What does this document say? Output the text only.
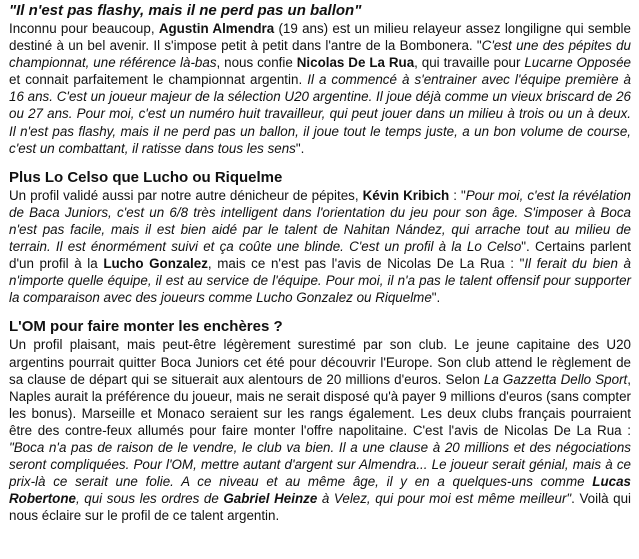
"Il n'est pas flashy, mais il ne perd pas un ballon"

Inconnu pour beaucoup, Agustin Almendra (19 ans) est un milieu relayeur assez longiligne qui semble destiné à un bel avenir. Il s'impose petit à petit dans l'antre de la Bombonera. "C'est une des pépites du championnat, une référence là-bas, nous confie Nicolas De La Rua, qui travaille pour Lucarne Opposée et connait parfaitement le championnat argentin. Il a commencé à s'entrainer avec l'équipe première à 16 ans. C'est un joueur majeur de la sélection U20 argentine. Il joue déjà comme un vieux briscard de 26 ou 27 ans. Pour moi, c'est un numéro huit travailleur, qui peut jouer dans un milieu à trois ou un à deux. Il n'est pas flashy, mais il ne perd pas un ballon, il joue tout le temps juste, a un bon volume de course, c'est un combattant, il ratisse dans tous les sens".

Plus Lo Celso que Lucho ou Riquelme

Un profil validé aussi par notre autre dénicheur de pépites, Kévin Kribich : "Pour moi, c'est la révélation de Baca Juniors, c'est un 6/8 très intelligent dans l'orientation du jeu pour son âge. S'imposer à Boca n'est pas facile, mais il est bien aidé par le talent de Nahitan Nández, qui arrache tout au milieu de terrain. Il est énormément suivi et ça coûte une blinde. C'est un profil à la Lo Celso". Certains parlent d'un profil à la Lucho Gonzalez, mais ce n'est pas l'avis de Nicolas De La Rua : "Il ferait du bien à n'importe quelle équipe, il est au service de l'équipe. Pour moi, il n'a pas le talent offensif pour supporter la comparaison avec des joueurs comme Lucho Gonzalez ou Riquelme".

L'OM pour faire monter les enchères ?

Un profil plaisant, mais peut-être légèrement surestimé par son club. Le jeune capitaine des U20 argentins pourrait quitter Boca Juniors cet été pour découvrir l'Europe. Son club attend le règlement de sa clause de départ qui se situerait aux alentours de 20 millions d'euros. Selon La Gazzetta Dello Sport, Naples aurait la préférence du joueur, mais ne serait disposé qu'à payer 9 millions d'euros (sans compter les bonus). Marseille et Monaco seraient sur les rangs également. Les deux clubs français pourraient être des contre-feux allumés pour faire monter l'offre napolitaine. C'est l'avis de Nicolas De La Rua : "Boca n'a pas de raison de le vendre, le club va bien. Il a une clause à 20 millions et des négociations seront compliquées. Pour l'OM, mettre autant d'argent sur Almendra... Le joueur serait génial, mais à ce prix-là ce serait une folie. A ce niveau et au même âge, il y en a quelques-uns comme Lucas Robertone, qui sous les ordres de Gabriel Heinze à Velez, qui pour moi est même meilleur". Voilà qui nous éclaire sur le profil de ce talent argentin.
